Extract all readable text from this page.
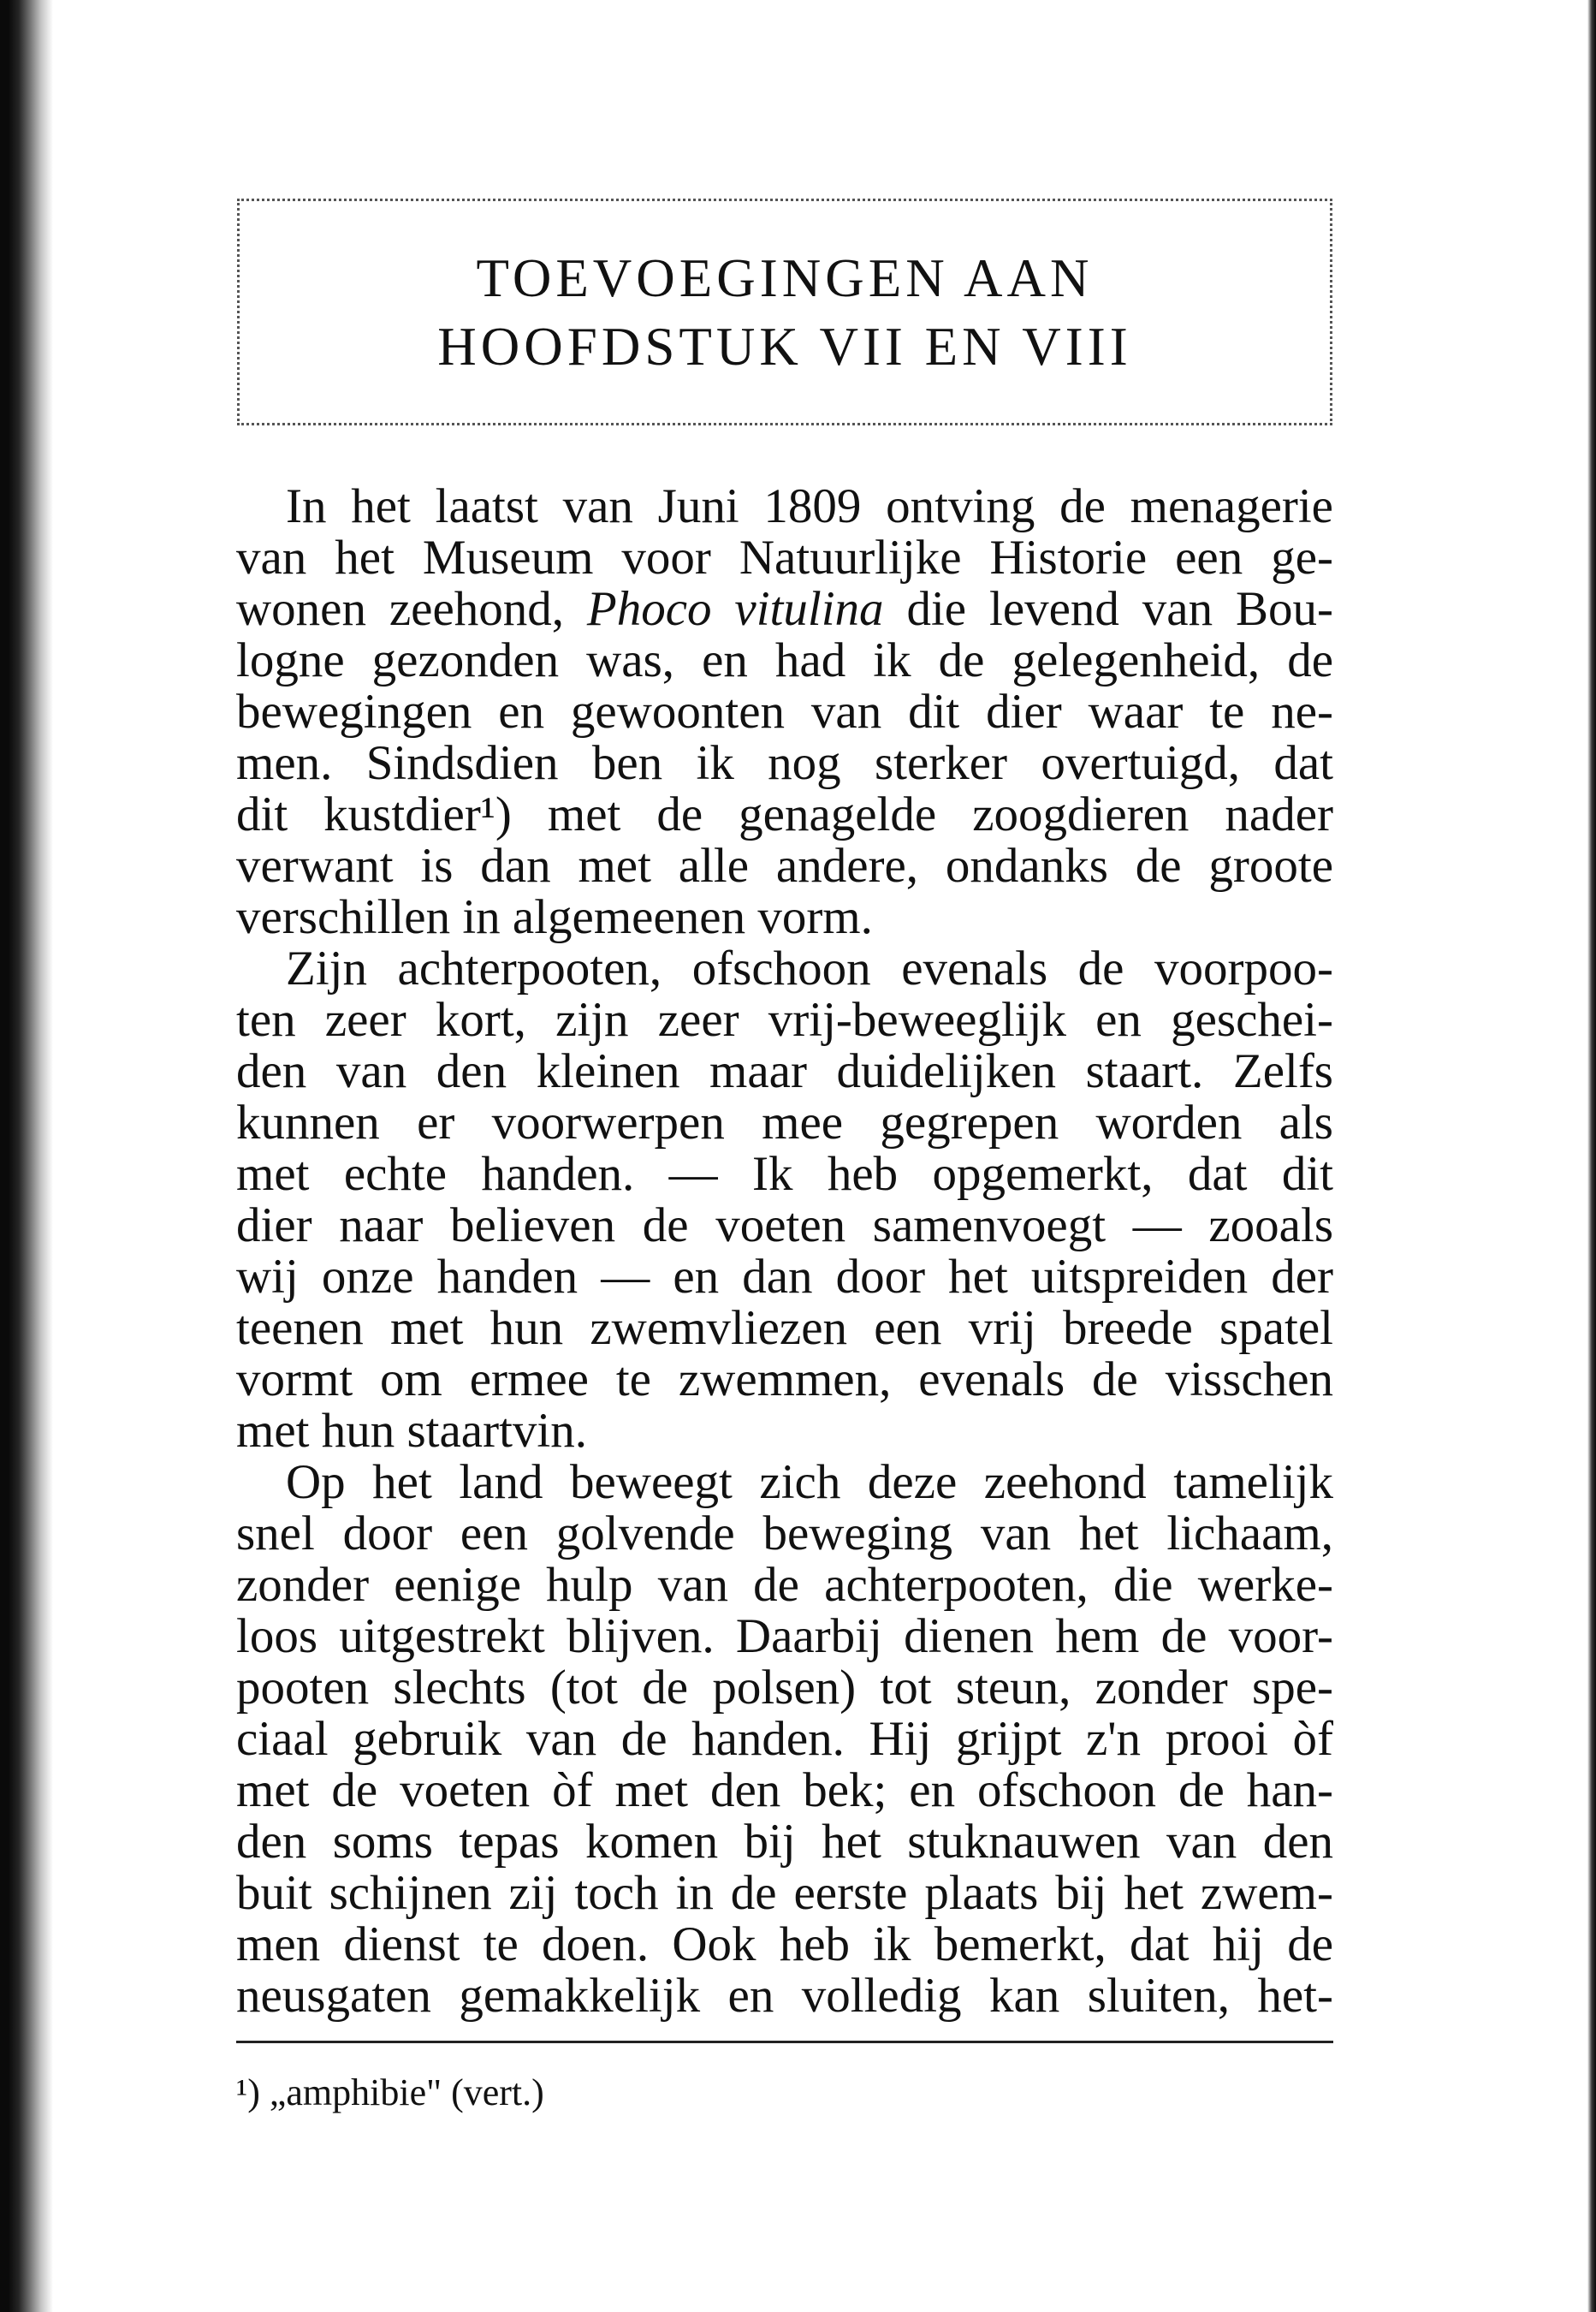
TOEVOEGINGEN AAN
HOOFDSTUK VII EN VIII
In het laatst van Juni 1809 ontving de menagerie
van het Museum voor Natuurlijke Historie een ge-
wonen zeehond, Phoco vitulina die levend van Bou-
logne gezonden was, en had ik de gelegenheid, de
bewegingen en gewoonten van dit dier waar te ne-
men. Sindsdien ben ik nog sterker overtuigd, dat
dit kustdier¹) met de genagelde zoogdieren nader
verwant is dan met alle andere, ondanks de groote
verschillen in algemeenen vorm.
Zijn achterpooten, ofschoon evenals de voorpoo-
ten zeer kort, zijn zeer vrij-beweeglijk en geschei-
den van den kleinen maar duidelijken staart. Zelfs
kunnen er voorwerpen mee gegrepen worden als
met echte handen. — Ik heb opgemerkt, dat dit
dier naar believen de voeten samenvoegt — zooals
wij onze handen — en dan door het uitspreiden der
teenen met hun zwemvliezen een vrij breede spatel
vormt om ermee te zwemmen, evenals de visschen
met hun staartvin.
Op het land beweegt zich deze zeehond tamelijk
snel door een golvende beweging van het lichaam,
zonder eenige hulp van de achterpooten, die werke-
loos uitgestrekt blijven. Daarbij dienen hem de voor-
pooten slechts (tot de polsen) tot steun, zonder spe-
ciaal gebruik van de handen. Hij grijpt z'n prooi òf
met de voeten òf met den bek; en ofschoon de han-
den soms tepas komen bij het stuknauwen van den
buit schijnen zij toch in de eerste plaats bij het zwem-
men dienst te doen. Ook heb ik bemerkt, dat hij de
neusgaten gemakkelijk en volledig kan sluiten, het-
¹) „amphibie" (vert.)
